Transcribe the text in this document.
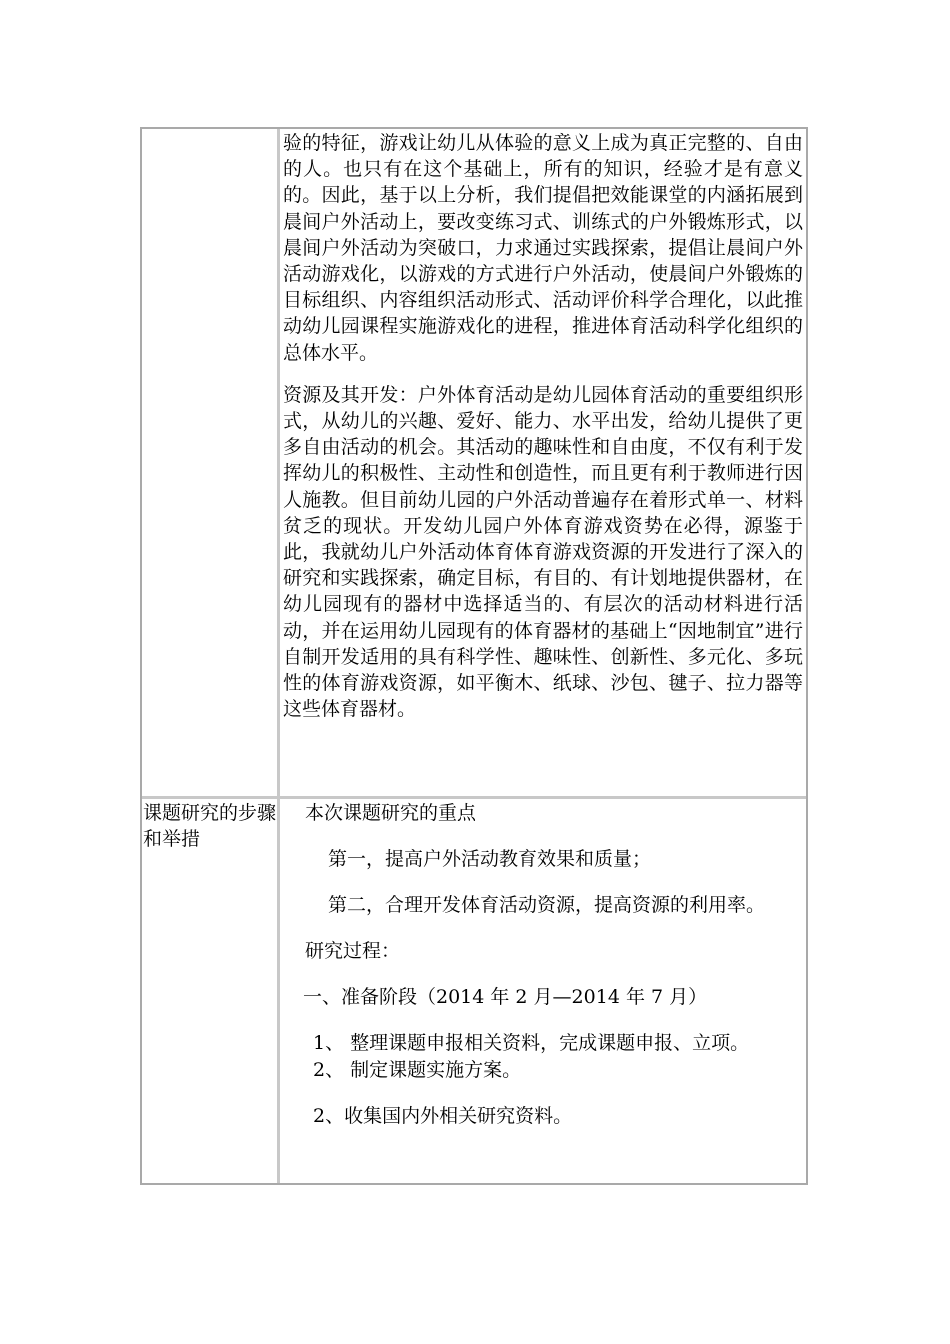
验的特征，游戏让幼儿从体验的意义上成为真正完整的、自由的人。也只有在这个基础上，所有的知识，经验才是有意义的。因此，基于以上分析，我们提倡把效能课堂的内涵拓展到晨间户外活动上，要改变练习式、训练式的户外锻炼形式，以晨间户外活动为突破口，力求通过实践探索，提倡让晨间户外活动游戏化，以游戏的方式进行户外活动，使晨间户外锻炼的目标组织、内容组织活动形式、活动评价科学合理化，以此推动幼儿园课程实施游戏化的进程，推进体育活动科学化组织的总体水平。

资源及其开发：户外体育活动是幼儿园体育活动的重要组织形式，从幼儿的兴趣、爱好、能力、水平出发，给幼儿提供了更多自由活动的机会。其活动的趣味性和自由度，不仅有利于发挥幼儿的积极性、主动性和创造性，而且更有利于教师进行因人施教。但目前幼儿园的户外活动普遍存在着形式单一、材料贫乏的现状。开发幼儿园户外体育游戏资势在必得，源鉴于此，我就幼儿户外活动体育体育游戏资源的开发进行了深入的研究和实践探索，确定目标，有目的、有计划地提供器材，在幼儿园现有的器材中选择适当的、有层次的活动材料进行活动，并在运用幼儿园现有的体育器材的基础上“因地制宜”进行自制开发适用的具有科学性、趣味性、创新性、多元化、多玩性的体育游戏资源，如平衡木、纸球、沙包、毽子、拉力器等这些体育器材。

课题研究的步骤和举措

本次课题研究的重点

第一，提高户外活动教育效果和质量；

第二，合理开发体育活动资源，提高资源的利用率。

研究过程：

一、准备阶段（2014 年 2 月—2014 年 7 月）

1、 整理课题申报相关资料，完成课题申报、立项。

2、 制定课题实施方案。

2、收集国内外相关研究资料。
